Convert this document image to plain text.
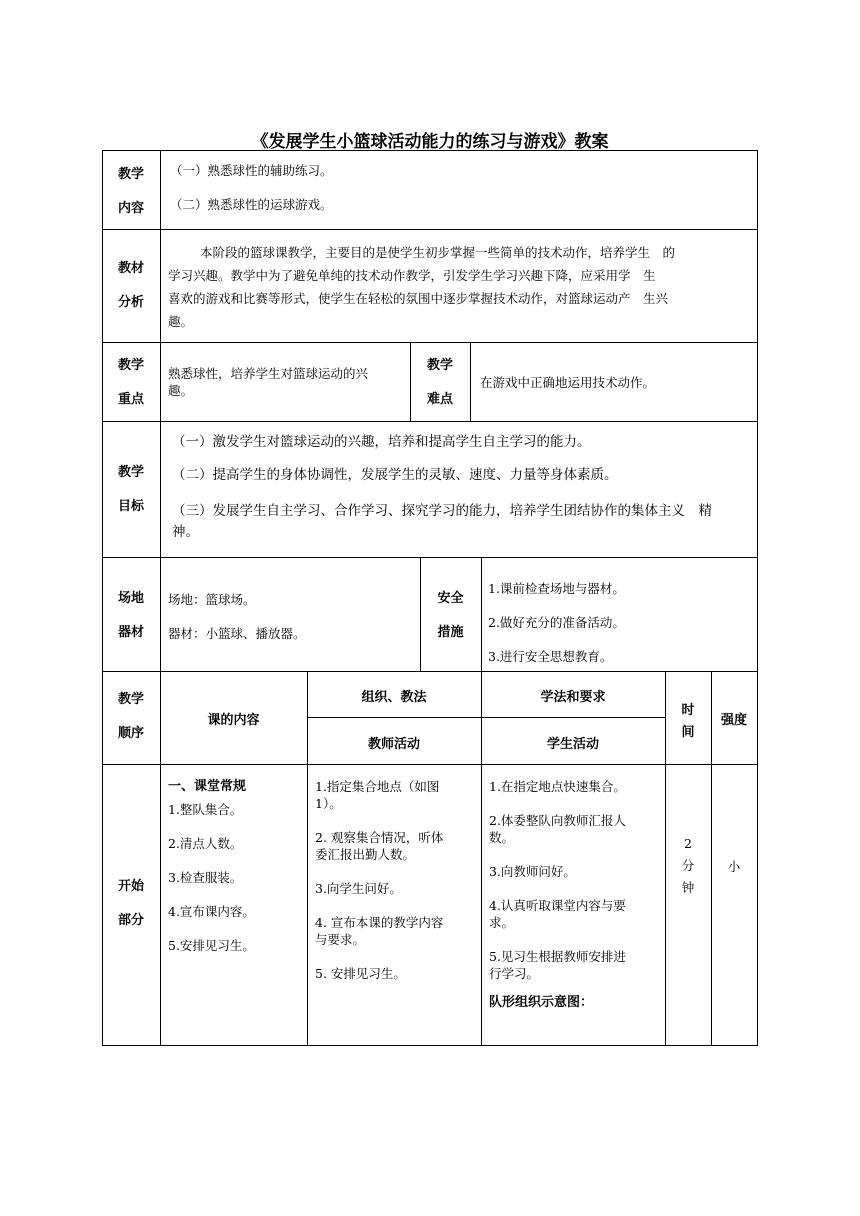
《发展学生小篮球活动能力的练习与游戏》教案
教学
内容

（一）熟悉球性的辅助练习。

（二）熟悉球性的运球游戏。

教材
分析
本阶段的篮球课教学，主要目的是使学生初步掌握一些简单的技术动作，培养学生　的
学习兴趣。教学中为了避免单纯的技术动作教学，引发学生学习兴趣下降，应采用学　生
喜欢的游戏和比赛等形式，使学生在轻松的氛围中逐步掌握技术动作，对篮球运动产　生兴
趣。
教学
重点
熟悉球性，培养学生对篮球运动的兴
趣。
教学
难点
在游戏中正确地运用技术动作。
教学
目标
（一）激发学生对篮球运动的兴趣，培养和提高学生自主学习的能力。
（二）提高学生的身体协调性，发展学生的灵敏、速度、力量等身体素质。
（三）发展学生自主学习、合作学习、探究学习的能力，培养学生团结协作的集体主义　精
神。
场地
器材
场地：篮球场。
器材：小篮球、播放器。
安全
措施
1.课前检查场地与器材。
2.做好充分的准备活动。
3.进行安全思想教育。
教学
顺序
课的内容
组织、教法	学法和要求
教师活动	学生活动
时
间
强度
开始
部分
一、课堂常规
1.整队集合。
2.清点人数。
3.检查服装。
4.宣布课内容。
5.安排见习生。
1.指定集合地点（如图
1）。
2. 观察集合情况，听体
委汇报出勤人数。
3.向学生问好。
4. 宣布本课的教学内容
与要求。
5. 安排见习生。
1.在指定地点快速集合。
2.体委整队向教师汇报人
数。
3.向教师问好。
4.认真听取课堂内容与要
求。
5.见习生根据教师安排进
行学习。
队形组织示意图：
2
分
钟
小
